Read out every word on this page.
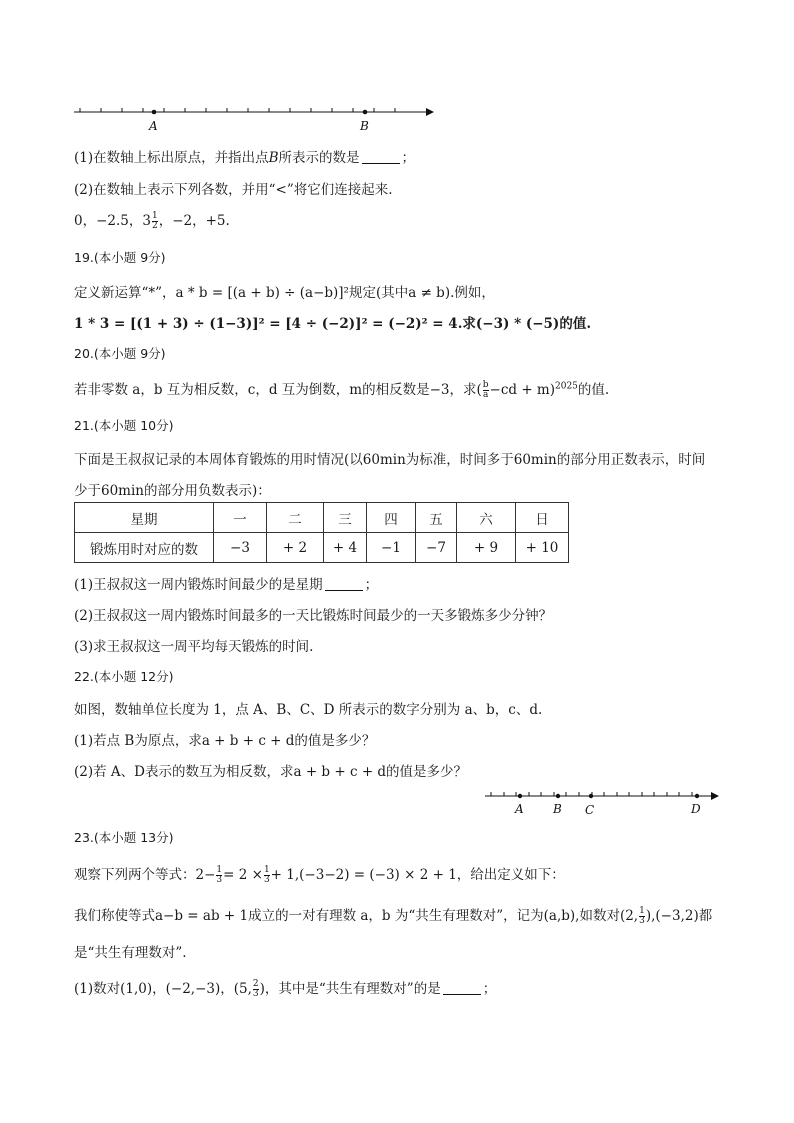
A	B
(1)在数轴上标出原点，并指出点B所表示的数是	；
(2)在数轴上表示下列各数，并用“<”将它们连接起来.
0，−2.5，$3 \frac{1}{2}$ ，−2，+5.
19.(本小题 9分)
定义新运算“*”，a * b = [(a + b) ÷ (a−b)]²规定(其中a ≠ b).例如，
1 * 3 = [(1 + 3) ÷ (1−3)]² = [4 ÷ (−2)]² = (−2)² = 4.求(−3) * (−5)的值.
20.(本小题 9分)
若非零数 a，b 互为相反数，c，d 互为倒数，m的相反数是−3，求( $\frac{b}{a} -cd + m)^{2025}$的值.
21.(本小题 10分)
下面是王叔叔记录的本周体育锻炼的用时情况(以60min为标准，时间多于60min的部分用正数表示，时间
少于60min的部分用负数表示)：
星期	一	二	三	四	五	六	日
锻炼用时对应的数	−3	+ 2	+ 4	−1	−7	+ 9	+ 10
(1)王叔叔这一周内锻炼时间最少的是星期	；
(2)王叔叔这一周内锻炼时间最多的一天比锻炼时间最少的一天多锻炼多少分钟？
(3)求王叔叔这一周平均每天锻炼的时间.
22.(本小题 12分)
如图，数轴单位长度为 1，点 A、B、C、D 所表示的数字分别为 a、b，c、d.
(1)若点 B为原点，求a + b + c + d的值是多少？
(2)若 A、D表示的数互为相反数，求a + b + c + d的值是多少？
A B C	D
23.(本小题 13分)
观察下列两个等式：$2- \frac{1}{3} = 2 \times \frac{1}{3} + 1,(-3-2) = (-3) \times 2 + 1$，给出定义如下：
我们称使等式a−b = ab + 1成立的一对有理数 a，b 为“共生有理数对”，记为(a,b),如数对(2, $\frac{1}{3} ),(-3,2)$都
是“共生有理数对”.
(1)数对(1,0)，(−2,−3)，(5, $\frac{2}{3}$ )，其中是“共生有理数对”的是	；
